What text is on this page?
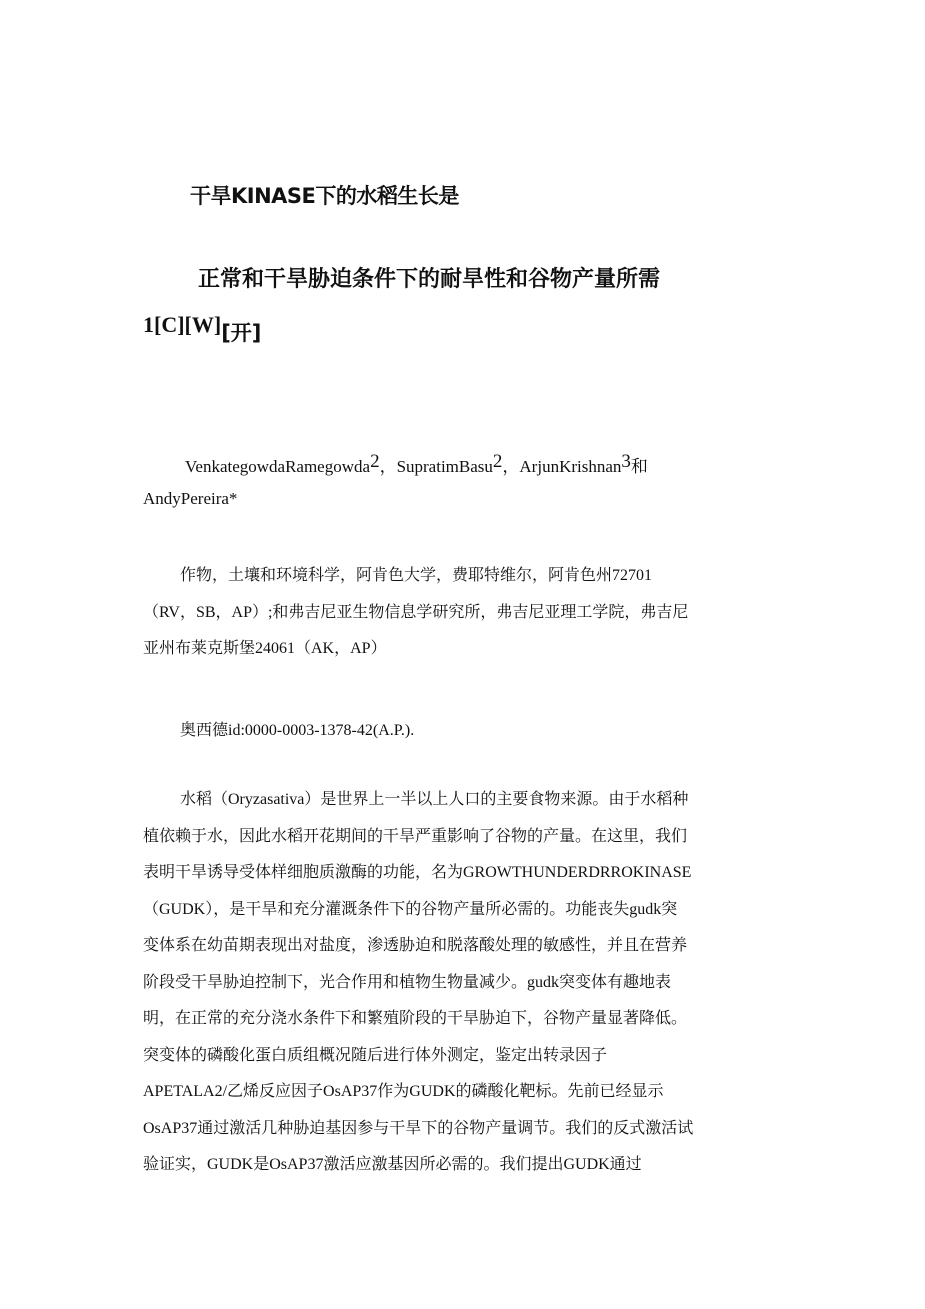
干旱KINASE下的水稻生长是
正常和干旱胁迫条件下的耐旱性和谷物产量所需
1[C][W][开]
VenkategowdaRamegowda$^2$，SupratimBasu$^2$，ArjunKrishnan$^3$和
AndyPereira*
作物，土壤和环境科学，阿肯色大学，费耶特维尔，阿肯色州72701
（RV，SB，AP）;和弗吉尼亚生物信息学研究所，弗吉尼亚理工学院，弗吉尼
亚州布莱克斯堡24061（AK，AP）
奥西德id:0000-0003-1378-42(A.P.).
水稻（Oryzasativa）是世界上一半以上人口的主要食物来源。由于水稻种
植依赖于水，因此水稻开花期间的干旱严重影响了谷物的产量。在这里，我们
表明干旱诱导受体样细胞质激酶的功能，名为GROWTHUNDERDRROKINASE
（GUDK），是干旱和充分灌溉条件下的谷物产量所必需的。功能丧失gudk突
变体系在幼苗期表现出对盐度，渗透胁迫和脱落酸处理的敏感性，并且在营养
阶段受干旱胁迫控制下，光合作用和植物生物量减少。gudk突变体有趣地表
明，在正常的充分浇水条件下和繁殖阶段的干旱胁迫下，谷物产量显著降低。
突变体的磷酸化蛋白质组概况随后进行体外测定，鉴定出转录因子
APETALA2/乙烯反应因子OsAP37作为GUDK的磷酸化靶标。先前已经显示
OsAP37通过激活几种胁迫基因参与干旱下的谷物产量调节。我们的反式激活试
验证实，GUDK是OsAP37激活应激基因所必需的。我们提出GUDK通过
